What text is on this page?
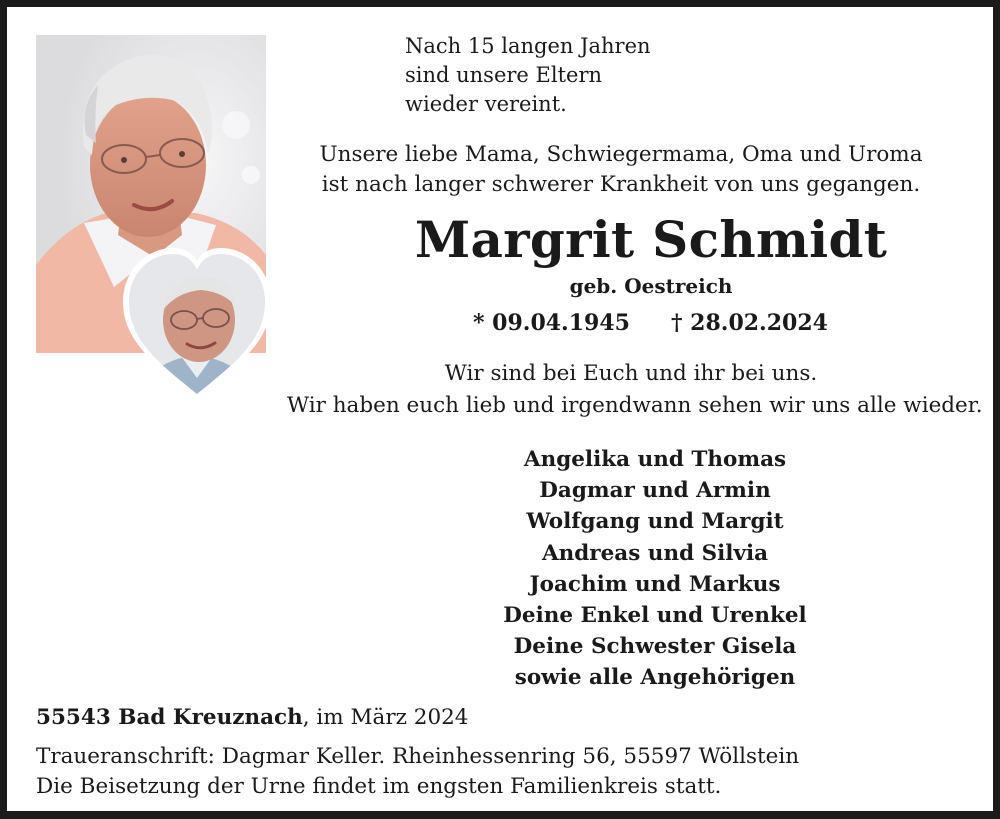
Nach 15 langen Jahren
sind unsere Eltern
wieder vereint.
Unsere liebe Mama, Schwiegermama, Oma und Uroma
ist nach langer schwerer Krankheit von uns gegangen.
Margrit Schmidt
geb. Oestreich
* 09.04.1945	† 28.02.2024
Wir sind bei Euch und ihr bei uns.
Wir haben euch lieb und irgendwann sehen wir uns alle wieder.
Angelika und Thomas
Dagmar und Armin
Wolfgang und Margit
Andreas und Silvia
Joachim und Markus
Deine Enkel und Urenkel
Deine Schwester Gisela
sowie alle Angehörigen
55543 Bad Kreuznach, im März 2024
Traueranschrift: Dagmar Keller. Rheinhessenring 56, 55597 Wöllstein
Die Beisetzung der Urne findet im engsten Familienkreis statt.
